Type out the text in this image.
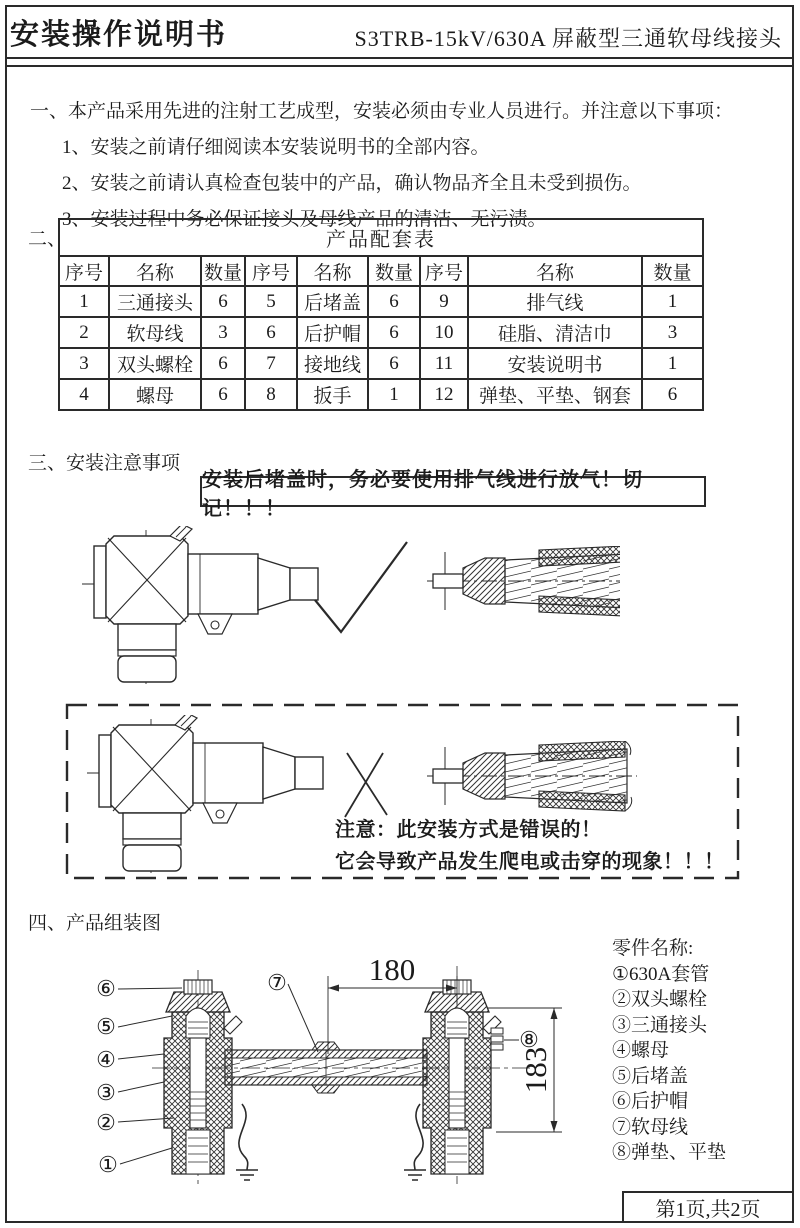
安装操作说明书	S3TRB-15kV/630A 屏蔽型三通软母线接头
一、本产品采用先进的注射工艺成型，安装必须由专业人员进行。并注意以下事项：
1、安装之前请仔细阅读本安装说明书的全部内容。
2、安装之前请认真检查包装中的产品，确认物品齐全且未受到损伤。
3、安装过程中务必保证接头及母线产品的清洁、无污渍。
二、	产品配套表								
序号	名称	数量	序号	名称	数量	序号	名称	数量
1	三通接头	6	5	后堵盖	6	9	排气线	1
2	软母线	3	6	后护帽	6	10	硅脂、清洁巾	3
3	双头螺栓	6	7	接地线	6	11	安装说明书	1
4	螺母	6	8	扳手	1	12	弹垫、平垫、钢套	6
三、安装注意事项
安装后堵盖时，务必要使用排气线进行放气！切记！！！
注意：此安装方式是错误的！
它会导致产品发生爬电或击穿的现象！！！
四、产品组装图
⑥
⑤
④
③
②
①
⑦
⑧
180
183
零件名称:
①630A套管
②双头螺栓
③三通接头
④螺母
⑤后堵盖
⑥后护帽
⑦软母线
⑧弹垫、平垫
第1页,共2页
